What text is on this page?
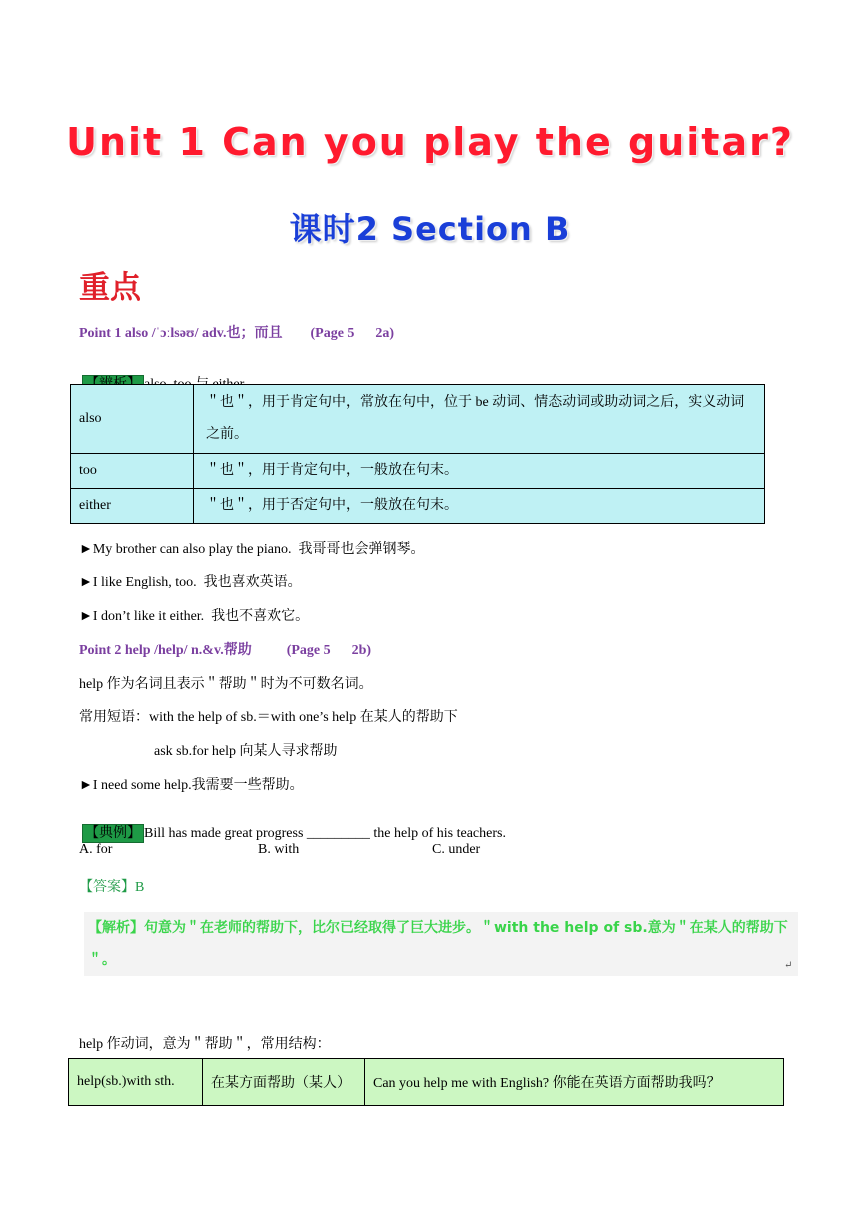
Unit 1 Can you play the guitar?
课时2 Section B
重点
Point 1 also /ˈɔːlsəʊ/ adv.也；而且        (Page 5      2a)

also	＂也＂，用于肯定句中，常放在句中，位于 be 动词、情态动词或助动词之后，实义动词之前。
too	＂也＂，用于肯定句中，一般放在句末。
either	＂也＂，用于否定句中，一般放在句末。
►My brother can also play the piano.  我哥哥也会弹钢琴。
►I like English, too.  我也喜欢英语。
►I don’t like it either.  我也不喜欢它。
Point 2 help /help/ n.&v.帮助          (Page 5      2b)
help 作为名词且表示＂帮助＂时为不可数名词。
常用短语：with the help of sb.＝with one’s help 在某人的帮助下
ask sb.for help 向某人寻求帮助
►I need some help.我需要一些帮助。

【典例】 Bill has made great progress _________ the help of his teachers.

A. for	B. with	C. under
【答案】B
【解析】句意为＂在老师的帮助下，比尔已经取得了巨大进步。＂with the help of sb.意为＂在某人的帮助下＂。	↵
help 作动词，意为＂帮助＂，常用结构：
help(sb.)with sth.	在某方面帮助（某人）	Can you help me with English? 你能在英语方面帮助我吗？
